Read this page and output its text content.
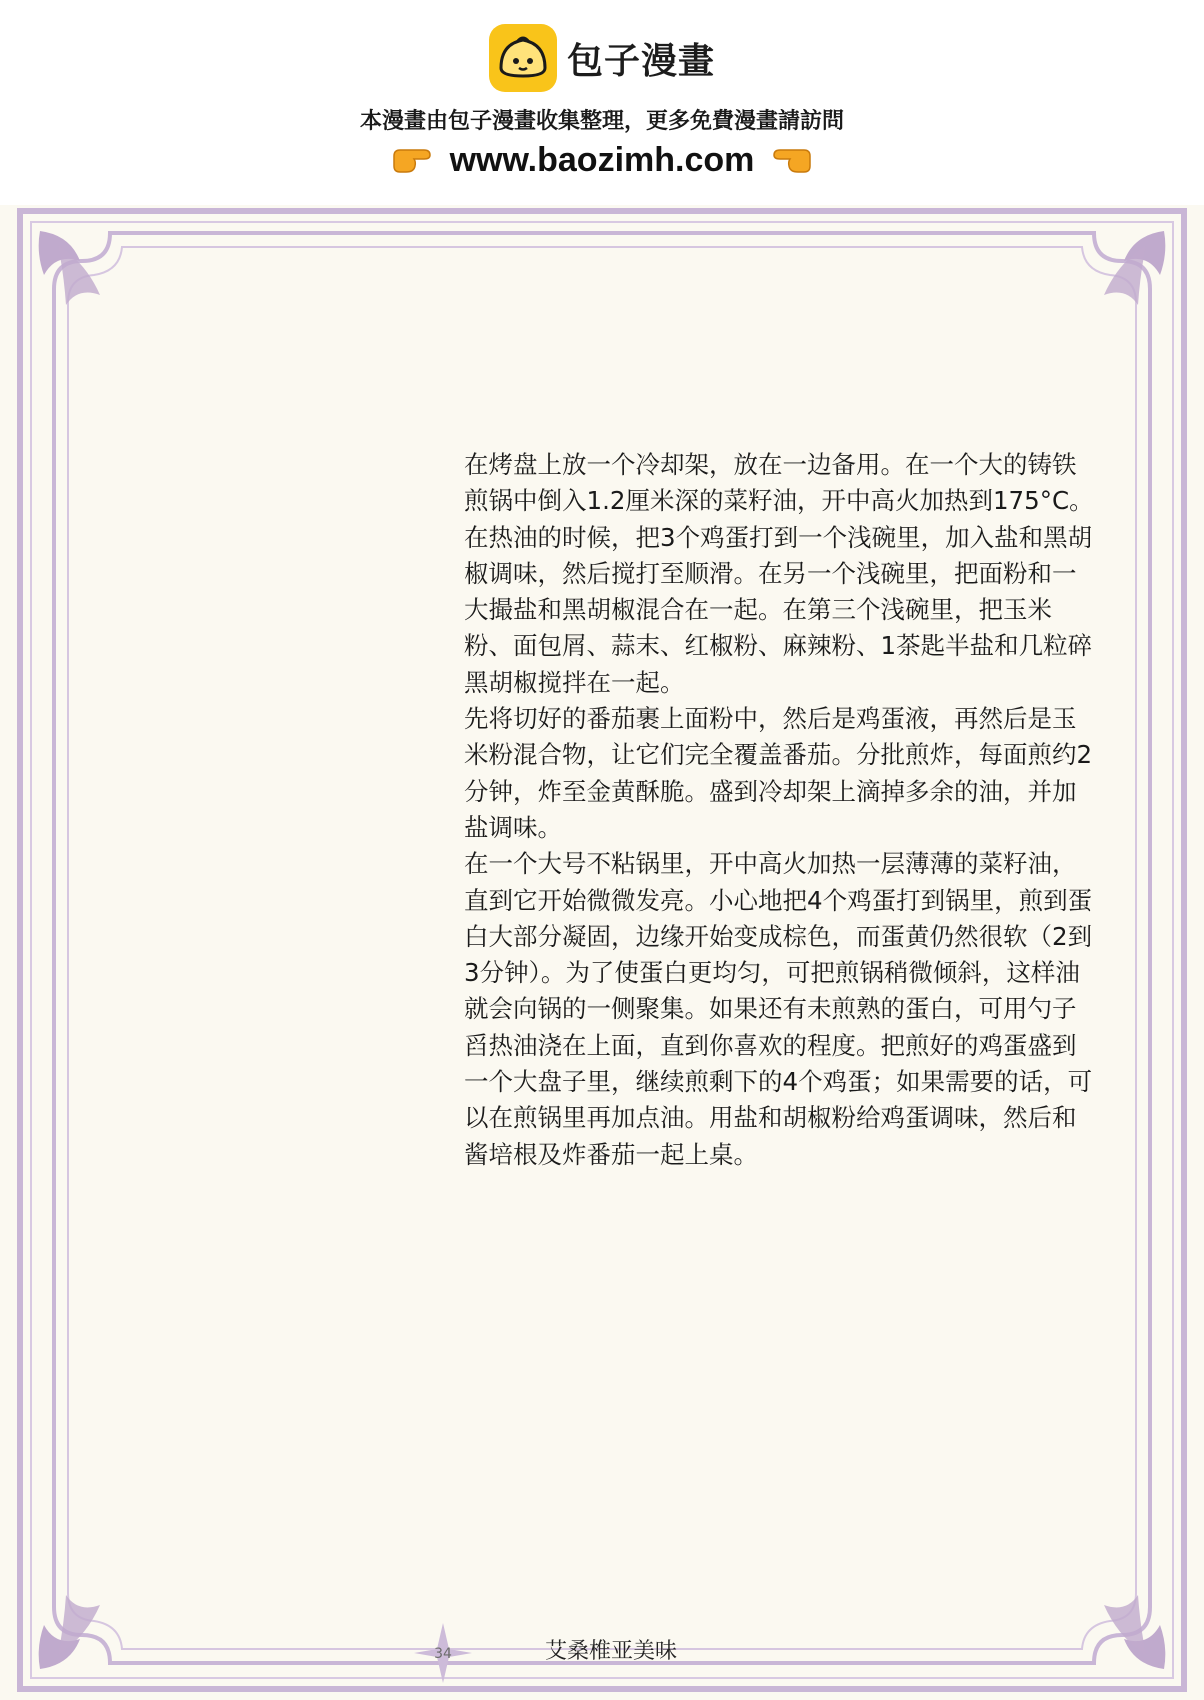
包子漫畫
本漫畫由包子漫畫收集整理，更多免費漫畫請訪問
www.baozimh.com

在烤盘上放一个冷却架，放在一边备用。在一个大的铸铁煎锅中倒入1.2厘米深的菜籽油，开中高火加热到175°C。在热油的时候，把3个鸡蛋打到一个浅碗里，加入盐和黑胡椒调味，然后搅打至顺滑。在另一个浅碗里，把面粉和一大撮盐和黑胡椒混合在一起。在第三个浅碗里，把玉米粉、面包屑、蒜末、红椒粉、麻辣粉、1茶匙半盐和几粒碎黑胡椒搅拌在一起。

先将切好的番茄裹上面粉中，然后是鸡蛋液，再然后是玉米粉混合物，让它们完全覆盖番茄。分批煎炸，每面煎约2分钟，炸至金黄酥脆。盛到冷却架上滴掉多余的油，并加盐调味。

在一个大号不粘锅里，开中高火加热一层薄薄的菜籽油，直到它开始微微发亮。小心地把4个鸡蛋打到锅里，煎到蛋白大部分凝固，边缘开始变成棕色，而蛋黄仍然很软（2到3分钟）。为了使蛋白更均匀，可把煎锅稍微倾斜，这样油就会向锅的一侧聚集。如果还有未煎熟的蛋白，可用勺子舀热油浇在上面，直到你喜欢的程度。把煎好的鸡蛋盛到一个大盘子里，继续煎剩下的4个鸡蛋；如果需要的话，可以在煎锅里再加点油。用盐和胡椒粉给鸡蛋调味，然后和酱培根及炸番茄一起上桌。

34	艾桑椎亚美味
